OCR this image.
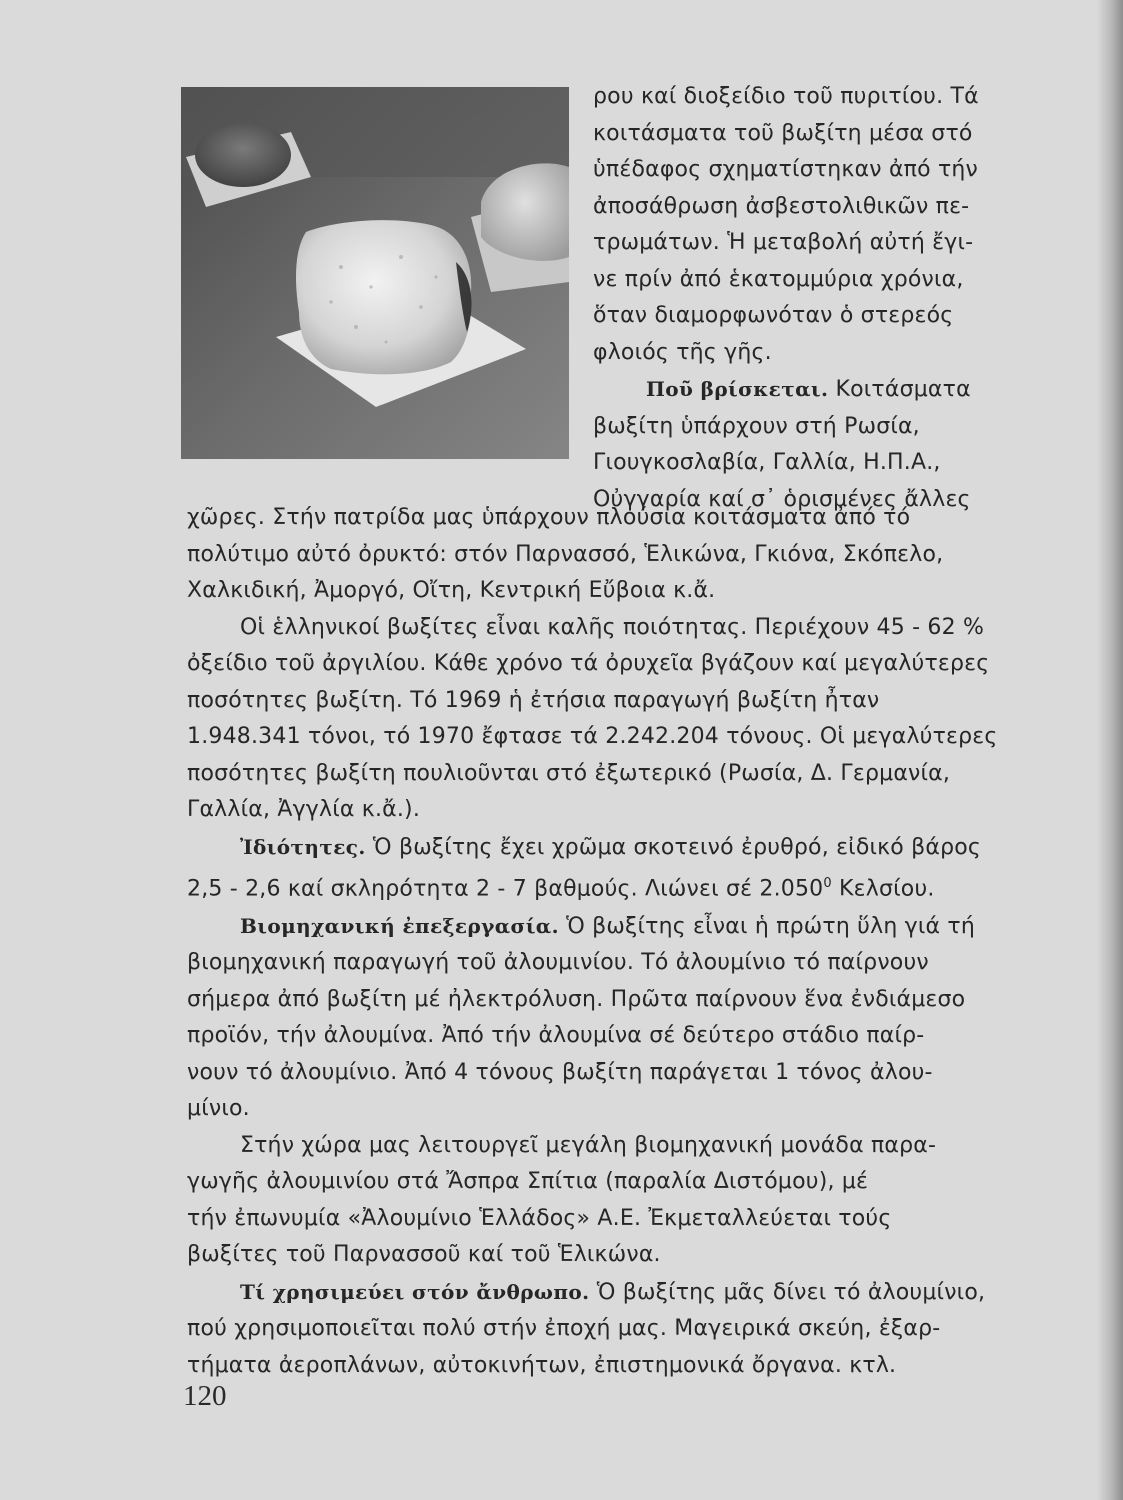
ρου καί διοξείδιο τοῦ πυριτίου. Τά
κοιτάσματα τοῦ βωξίτη μέσα στό
ὑπέδαφος σχηματίστηκαν ἀπό τήν
ἀποσάθρωση ἀσβεστολιθικῶν πε-
τρωμάτων. Ἡ μεταβολή αὐτή ἔγι-
νε πρίν ἀπό ἑκατομμύρια χρόνια,
ὅταν διαμορφωνόταν ὁ στερεός
φλοιός τῆς γῆς.
Ποῦ βρίσκεται. Κοιτάσματα
βωξίτη ὑπάρχουν στή Ρωσία,
Γιουγκοσλαβία, Γαλλία, Η.Π.Α.,
Οὐγγαρία καί σ᾽ ὁρισμένες ἄλλες
χῶρες. Στήν πατρίδα μας ὑπάρχουν πλούσια κοιτάσματα ἀπό τό
πολύτιμο αὐτό ὀρυκτό: στόν Παρνασσό, Ἑλικώνα, Γκιόνα, Σκόπελο,
Χαλκιδική, Ἀμοργό, Οἴτη, Κεντρική Εὔβοια κ.ἄ.
Οἱ ἑλληνικοί βωξίτες εἶναι καλῆς ποιότητας. Περιέχουν 45 - 62 %
ὀξείδιο τοῦ ἀργιλίου. Κάθε χρόνο τά ὀρυχεῖα βγάζουν καί μεγαλύτερες
ποσότητες βωξίτη. Τό 1969 ἡ ἐτήσια παραγωγή βωξίτη ἦταν
1.948.341 τόνοι, τό 1970 ἔφτασε τά 2.242.204 τόνους. Οἱ μεγαλύτερες
ποσότητες βωξίτη πουλιοῦνται στό ἐξωτερικό (Ρωσία, Δ. Γερμανία,
Γαλλία, Ἀγγλία κ.ἄ.).
Ἰδιότητες. Ὁ βωξίτης ἔχει χρῶμα σκοτεινό ἐρυθρό, εἰδικό βάρος
2,5 - 2,6 καί σκληρότητα 2 - 7 βαθμούς. Λιώνει σέ 2.050$^0$ Κελσίου.
Βιομηχανική ἐπεξεργασία. Ὁ βωξίτης εἶναι ἡ πρώτη ὕλη γιά τή
βιομηχανική παραγωγή τοῦ ἀλουμινίου. Τό ἀλουμίνιο τό παίρνουν
σήμερα ἀπό βωξίτη μέ ἠλεκτρόλυση. Πρῶτα παίρνουν ἕνα ἐνδιάμεσο
προϊόν, τήν ἀλουμίνα. Ἀπό τήν ἀλουμίνα σέ δεύτερο στάδιο παίρ-
νουν τό ἀλουμίνιο. Ἀπό 4 τόνους βωξίτη παράγεται 1 τόνος ἀλου-
μίνιο.
Στήν χώρα μας λειτουργεῖ μεγάλη βιομηχανική μονάδα παρα-
γωγῆς ἀλουμινίου στά Ἄσπρα Σπίτια (παραλία Διστόμου), μέ
τήν ἐπωνυμία «Ἀλουμίνιο Ἑλλάδος» Α.Ε. Ἐκμεταλλεύεται τούς
βωξίτες τοῦ Παρνασσοῦ καί τοῦ Ἑλικώνα.
Τί χρησιμεύει στόν ἄνθρωπο. Ὁ βωξίτης μᾶς δίνει τό ἀλουμίνιο,
πού χρησιμοποιεῖται πολύ στήν ἐποχή μας. Μαγειρικά σκεύη, ἐξαρ-
τήματα ἀεροπλάνων, αὐτοκινήτων, ἐπιστημονικά ὄργανα. κτλ.
120
